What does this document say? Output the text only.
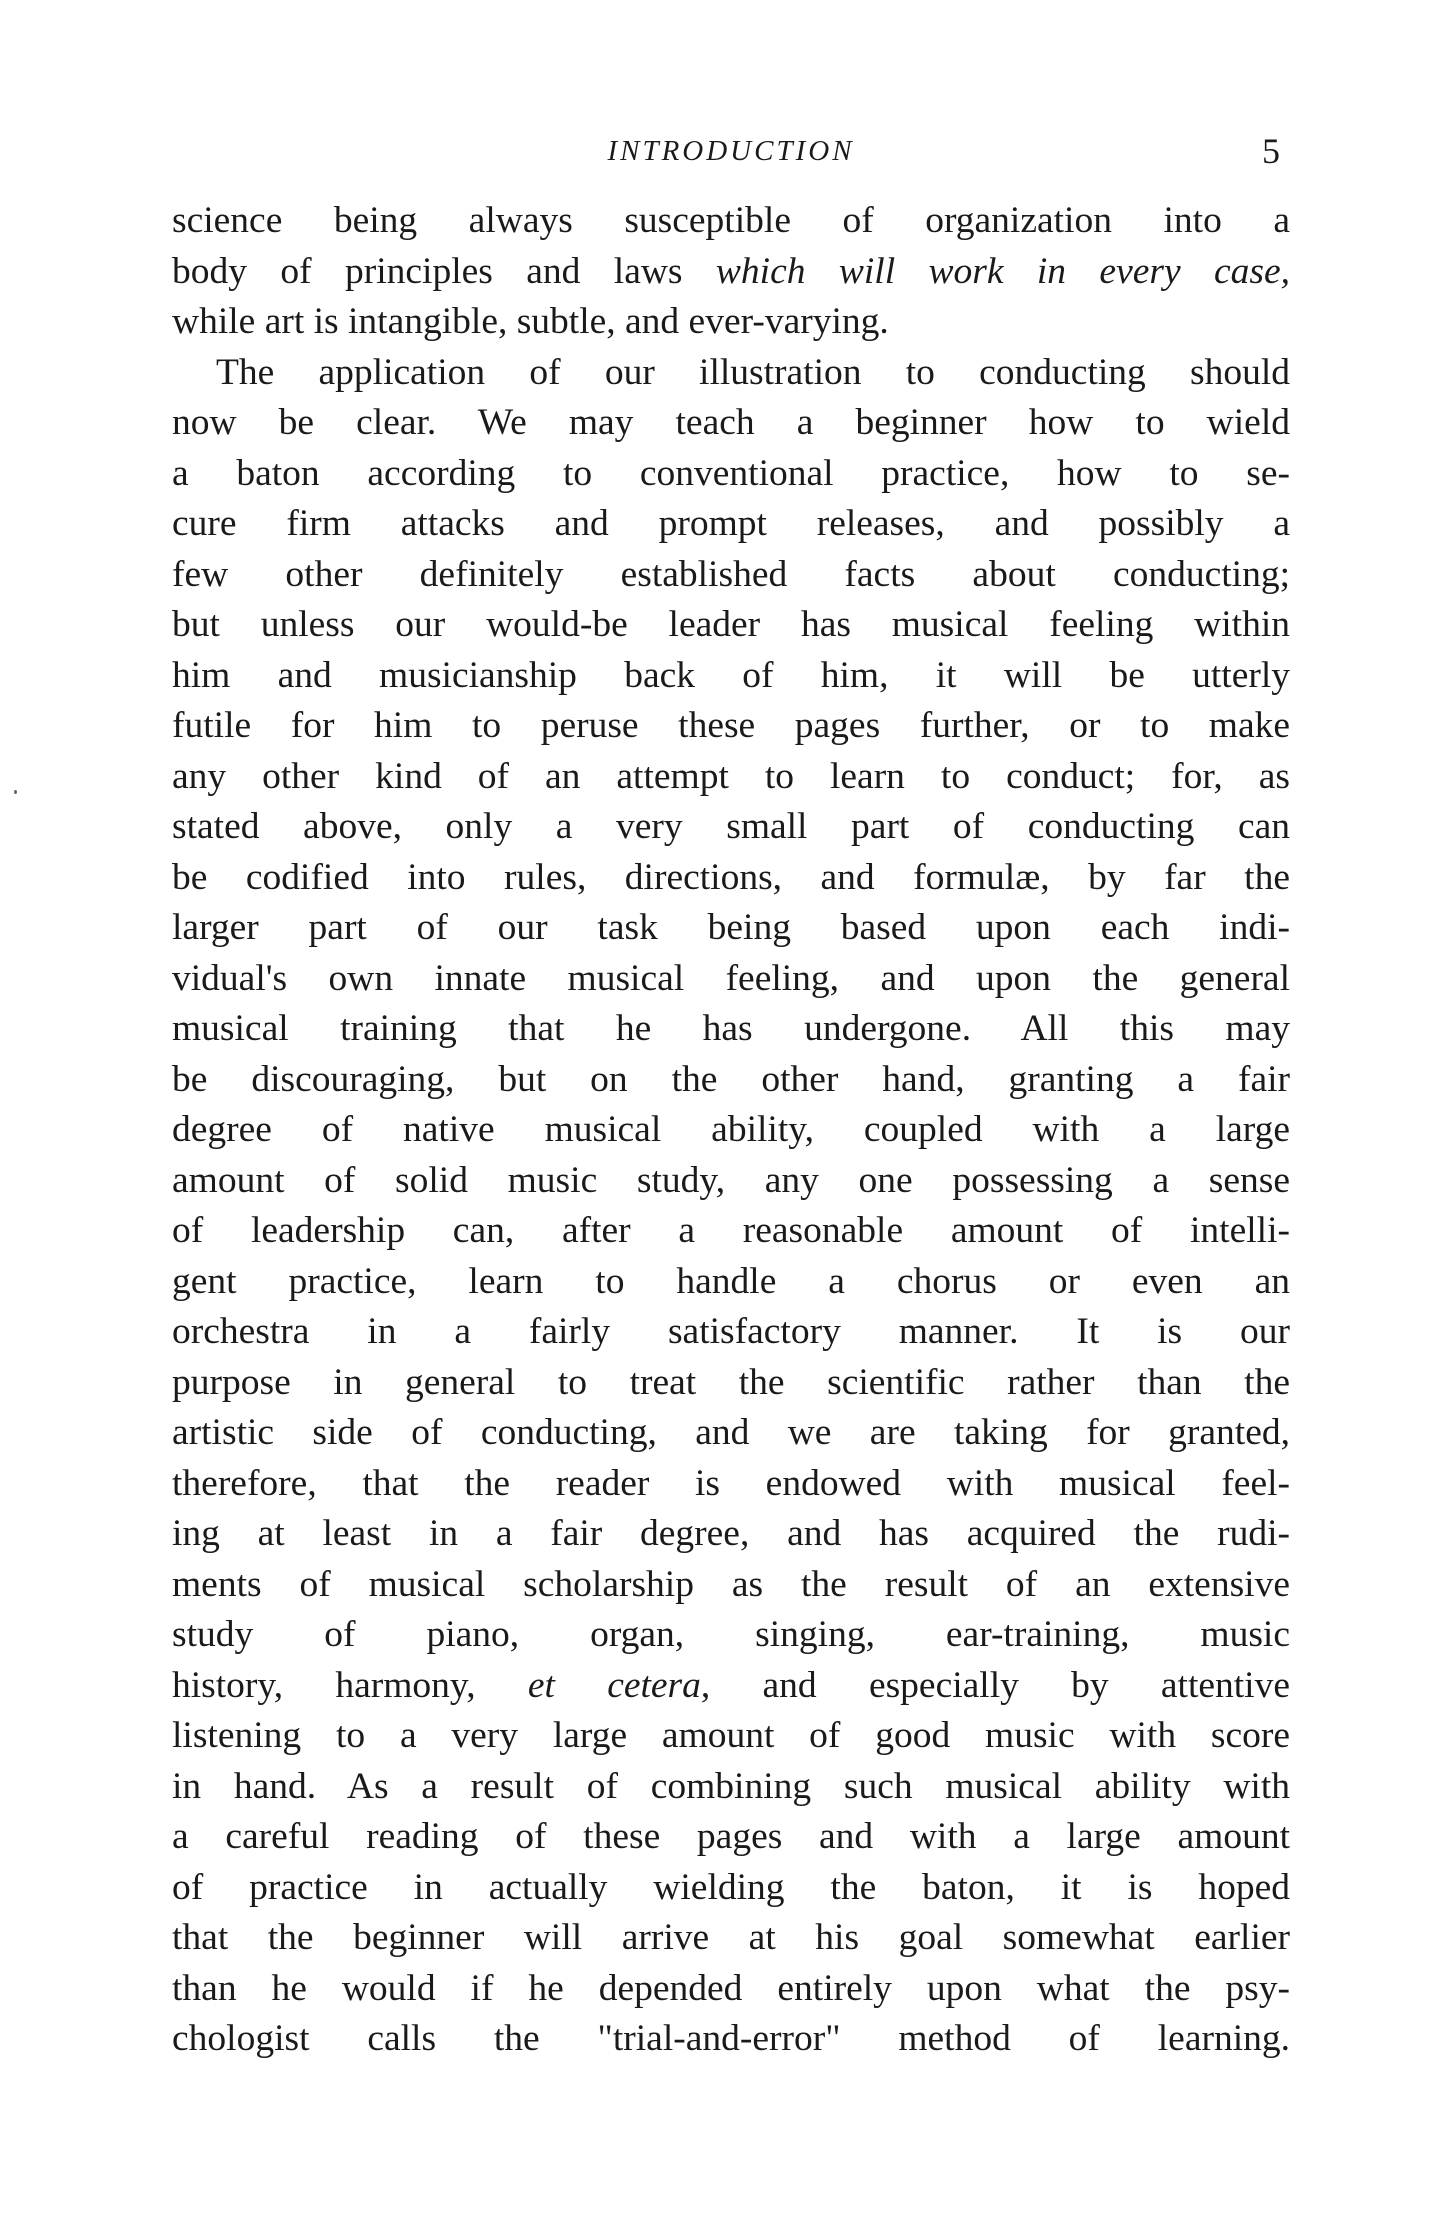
INTRODUCTION	5
science being always susceptible of organization into a
body of principles and laws which will work in every case,
while art is intangible, subtle, and ever-varying.
The application of our illustration to conducting should
now be clear. We may teach a beginner how to wield
a baton according to conventional practice, how to se-
cure firm attacks and prompt releases, and possibly a
few other definitely established facts about conducting;
but unless our would-be leader has musical feeling within
him and musicianship back of him, it will be utterly
futile for him to peruse these pages further, or to make
any other kind of an attempt to learn to conduct; for, as
stated above, only a very small part of conducting can
be codified into rules, directions, and formulæ, by far the
larger part of our task being based upon each indi-
vidual's own innate musical feeling, and upon the general
musical training that he has undergone. All this may
be discouraging, but on the other hand, granting a fair
degree of native musical ability, coupled with a large
amount of solid music study, any one possessing a sense
of leadership can, after a reasonable amount of intelli-
gent practice, learn to handle a chorus or even an
orchestra in a fairly satisfactory manner. It is our
purpose in general to treat the scientific rather than the
artistic side of conducting, and we are taking for granted,
therefore, that the reader is endowed with musical feel-
ing at least in a fair degree, and has acquired the rudi-
ments of musical scholarship as the result of an extensive
study of piano, organ, singing, ear-training, music
history, harmony, et cetera, and especially by attentive
listening to a very large amount of good music with score
in hand. As a result of combining such musical ability with
a careful reading of these pages and with a large amount
of practice in actually wielding the baton, it is hoped
that the beginner will arrive at his goal somewhat earlier
than he would if he depended entirely upon what the psy-
chologist calls the "trial-and-error" method of learning.
